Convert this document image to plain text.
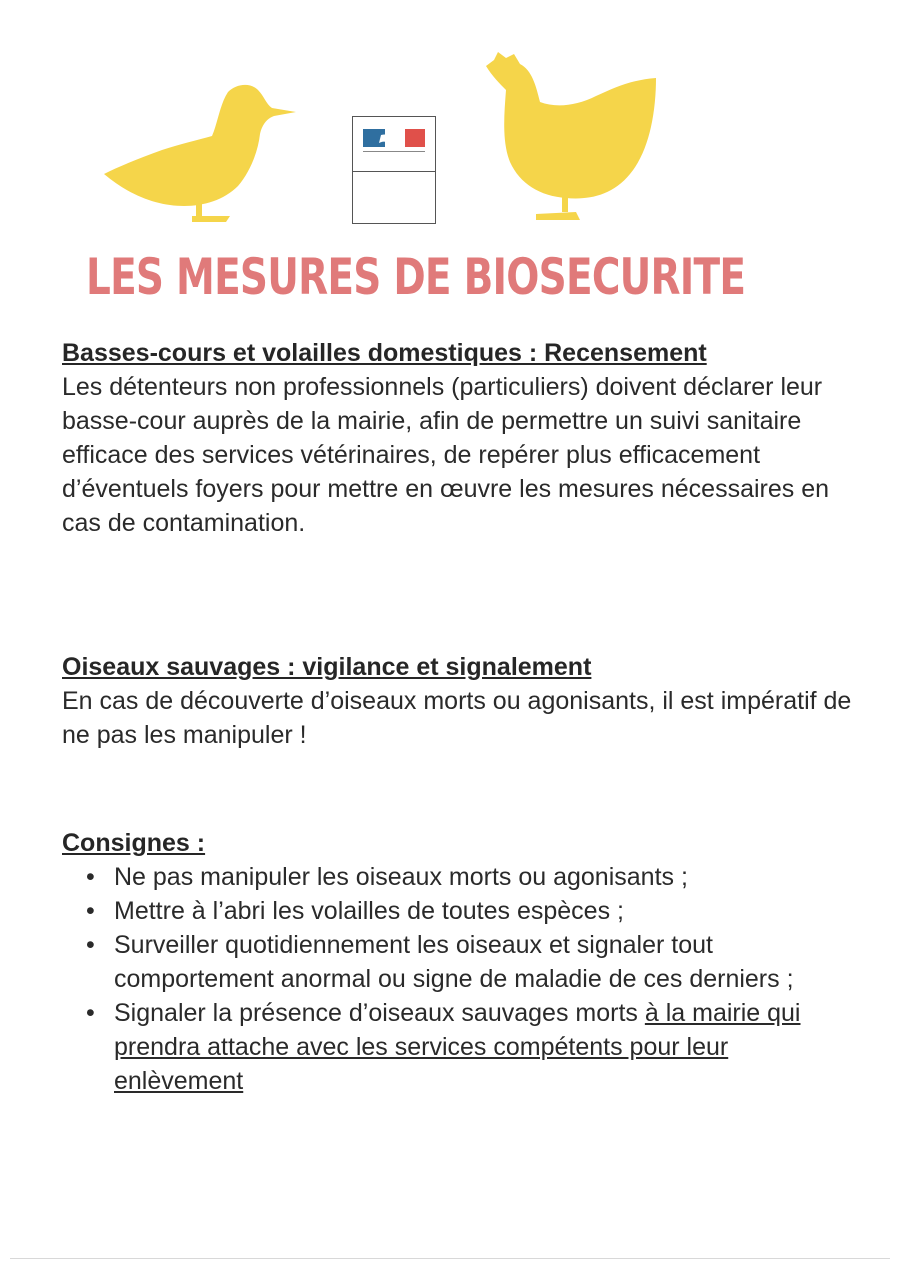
LES MESURES DE BIOSECURITE

Basses-cours et volailles domestiques : Recensement

Les détenteurs non professionnels (particuliers) doivent déclarer leur basse-cour auprès de la mairie, afin de permettre un suivi sanitaire efficace des services vétérinaires, de repérer plus efficacement d’éventuels foyers pour mettre en œuvre les mesures nécessaires en cas de contamination.

Oiseaux sauvages : vigilance et signalement

En cas de découverte d’oiseaux morts ou agonisants, il est impératif de ne pas les manipuler !

Consignes :

• Ne pas manipuler les oiseaux morts ou agonisants ;
• Mettre à l’abri les volailles de toutes espèces ;
• Surveiller quotidiennement les oiseaux et signaler tout comportement anormal ou signe de maladie de ces derniers ;
• Signaler la présence d’oiseaux sauvages morts à la mairie qui prendra attache avec les services compétents pour leur enlèvement
